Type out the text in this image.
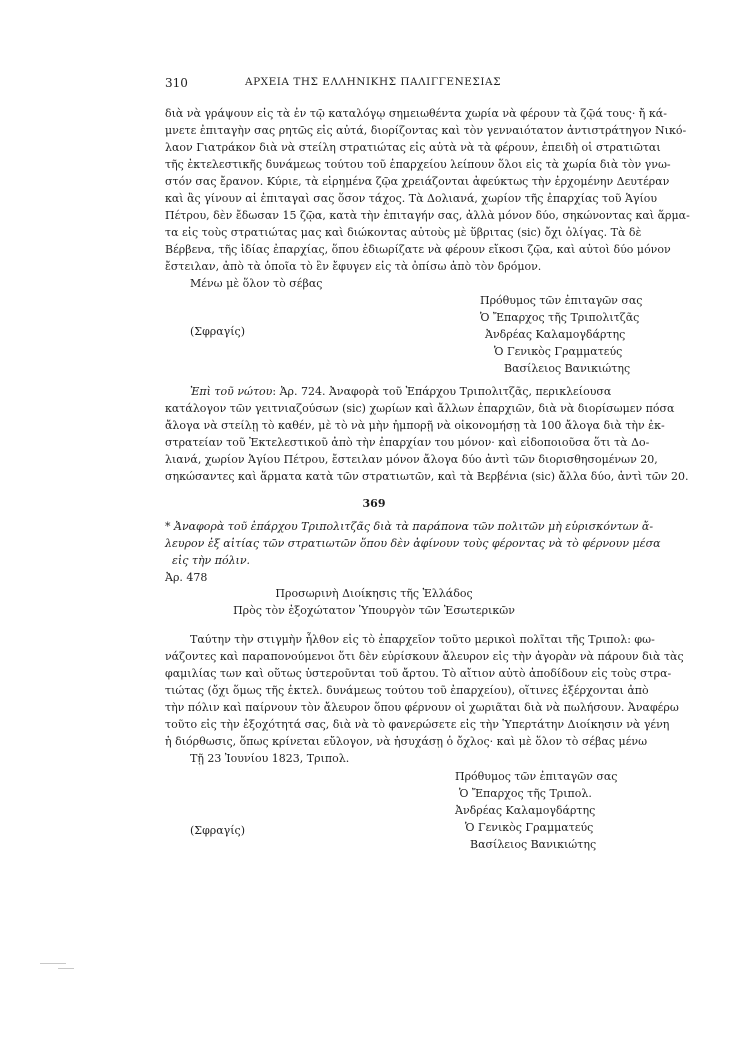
310	ΑΡΧΕΙΑ ΤΗΣ ΕΛΛΗΝΙΚΗΣ ΠΑΛΙΓΓΕΝΕΣΙΑΣ
διὰ νὰ γράψουν εἰς τὰ ἐν τῷ καταλόγῳ σημειωθέντα χωρία νὰ φέρουν τὰ ζῷά τους· ἤ κά-
μνετε ἐπιταγὴν σας ρητῶς εἰς αὐτά, διορίζοντας καὶ τὸν γενναιότατον ἀντιστράτηγον Νικό-
λαον Γιατράκον διὰ νὰ στείλη στρατιώτας εἰς αὐτὰ νὰ τὰ φέρουν, ἐπειδὴ οἱ στρατιῶται
τῆς ἐκτελεστικῆς δυνάμεως τούτου τοῦ ἐπαρχείου λείπουν ὅλοι εἰς τὰ χωρία διὰ τὸν γνω-
στόν σας ἔρανον. Κύριε, τὰ εἰρημένα ζῷα χρειάζονται ἀφεύκτως τὴν ἐρχομένην Δευτέραν
καὶ ἂς γίνουν αἱ ἐπιταγαὶ σας ὅσον τάχος. Τὰ Δολιανά, χωρίον τῆς ἐπαρχίας τοῦ Ἁγίου
Πέτρου, δὲν ἔδωσαν 15 ζῷα, κατὰ τὴν ἐπιταγήν σας, ἀλλὰ μόνον δύο, σηκώνοντας καὶ ἅρμα-
τα εἰς τοὺς στρατιώτας μας καὶ διώκοντας αὐτοὺς μὲ ὕβριτας (sic) ὄχι ὀλίγας. Τὰ δὲ
Βέρβενα, τῆς ἰδίας ἐπαρχίας, ὅπου ἐδιωρίζατε νὰ φέρουν εἴκοσι ζῷα, καὶ αὐτοὶ δύο μόνον
ἔστειλαν, ἀπὸ τὰ ὁποῖα τὸ ἓν ἔφυγεν εἰς τὰ ὀπίσω ἀπὸ τὸν δρόμον.
Μένω μὲ ὅλον τὸ σέβας
Πρόθυμος τῶν ἐπιταγῶν σας
Ὁ Ἔπαρχος τῆς Τριπολιτζᾶς
(Σφραγίς)	Ἀνδρέας Καλαμογδάρτης
Ὁ Γενικὸς Γραμματεύς
Βασίλειος Βανικιώτης
Ἐπὶ τοῦ νώτου: Ἀρ. 724. Ἀναφορὰ τοῦ Ἐπάρχου Τριπολιτζᾶς, περικλείουσα
κατάλογον τῶν γειτνιαζούσων (sic) χωρίων καὶ ἄλλων ἐπαρχιῶν, διὰ νὰ διορίσωμεν πόσα
ἄλογα νὰ στείλῃ τὸ καθέν, μὲ τὸ νὰ μὴν ἠμπορῇ νὰ οἰκονομήσῃ τὰ 100 ἄλογα διὰ τὴν ἐκ-
στρατείαν τοῦ Ἐκτελεστικοῦ ἀπὸ τὴν ἐπαρχίαν του μόνον· καὶ εἰδοποιοῦσα ὅτι τὰ Δο-
λιανά, χωρίον Ἁγίου Πέτρου, ἔστειλαν μόνον ἄλογα δύο ἀντὶ τῶν διορισθησομένων 20,
σηκώσαντες καὶ ἅρματα κατὰ τῶν στρατιωτῶν, καὶ τὰ Βερβένια (sic) ἄλλα δύο, ἀντὶ τῶν 20.
369
* Ἀναφορὰ τοῦ ἐπάρχου Τριπολιτζᾶς διὰ τὰ παράπονα τῶν πολιτῶν μὴ εὑρισκόντων ἄ-
λευρον ἐξ αἰτίας τῶν στρατιωτῶν ὅπου δὲν ἀφίνουν τοὺς φέροντας νὰ τὸ φέρνουν μέσα
εἰς τὴν πόλιν.
Ἀρ. 478
Προσωρινὴ Διοίκησις τῆς Ἑλλάδος
Πρὸς τὸν ἐξοχώτατον Ὑπουργὸν τῶν Ἐσωτερικῶν
Ταύτην τὴν στιγμὴν ἦλθον εἰς τὸ ἐπαρχεῖον τοῦτο μερικοὶ πολῖται τῆς Τριπολ: φω-
νάζοντες καὶ παραπονούμενοι ὅτι δὲν εὑρίσκουν ἄλευρον εἰς τὴν ἀγορὰν νὰ πάρουν διὰ τὰς
φαμιλίας των καὶ οὕτως ὑστεροῦνται τοῦ ἄρτου. Τὸ αἴτιον αὐτὸ ἀποδίδουν εἰς τοὺς στρα-
τιώτας (ὄχι ὅμως τῆς ἐκτελ. δυνάμεως τούτου τοῦ ἐπαρχείου), οἵτινες ἐξέρχονται ἀπὸ
τὴν πόλιν καὶ παίρνουν τὸν ἄλευρον ὅπου φέρνουν οἱ χωριᾶται διὰ νὰ πωλήσουν. Ἀναφέρω
τοῦτο εἰς τὴν ἐξοχότητά σας, διὰ νὰ τὸ φανερώσετε εἰς τὴν Ὑπερτάτην Διοίκησιν νὰ γένη
ἡ διόρθωσις, ὅπως κρίνεται εὔλογον, νὰ ἡσυχάσῃ ὁ ὄχλος· καὶ μὲ ὅλον τὸ σέβας μένω
Τῇ 23 Ἰουνίου 1823, Τριπολ.
Πρόθυμος τῶν ἐπιταγῶν σας
Ὁ Ἔπαρχος τῆς Τριπολ.
Ἀνδρέας Καλαμογδάρτης
(Σφραγίς)	Ὁ Γενικὸς Γραμματεύς
Βασίλειος Βανικιώτης
